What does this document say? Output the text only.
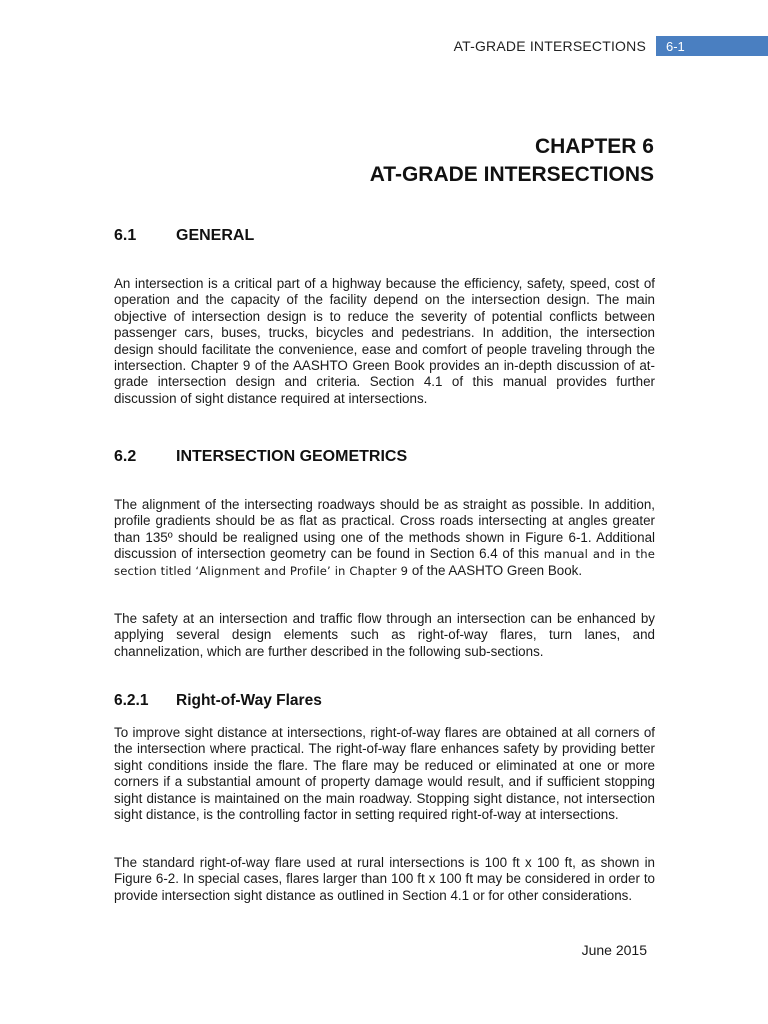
AT-GRADE INTERSECTIONS	6-1
CHAPTER 6
AT-GRADE INTERSECTIONS
6.1	GENERAL

An intersection is a critical part of a highway because the efficiency, safety, speed, cost of operation and the capacity of the facility depend on the intersection design. The main objective of intersection design is to reduce the severity of potential conflicts between passenger cars, buses, trucks, bicycles and pedestrians. In addition, the intersection design should facilitate the convenience, ease and comfort of people traveling through the intersection. Chapter 9 of the AASHTO Green Book provides an in-depth discussion of at-grade intersection design and criteria. Section 4.1 of this manual provides further discussion of sight distance required at intersections.

6.2	INTERSECTION GEOMETRICS

The alignment of the intersecting roadways should be as straight as possible. In addition, profile gradients should be as flat as practical. Cross roads intersecting at angles greater than 135º should be realigned using one of the methods shown in Figure 6-1. Additional discussion of intersection geometry can be found in Section 6.4 of this manual and in the section titled ‘Alignment and Profile’ in Chapter 9 of the AASHTO Green Book.

The safety at an intersection and traffic flow through an intersection can be enhanced by applying several design elements such as right-of-way flares, turn lanes, and channelization, which are further described in the following sub-sections.

6.2.1	Right-of-Way Flares

To improve sight distance at intersections, right-of-way flares are obtained at all corners of the intersection where practical. The right-of-way flare enhances safety by providing better sight conditions inside the flare. The flare may be reduced or eliminated at one or more corners if a substantial amount of property damage would result, and if sufficient stopping sight distance is maintained on the main roadway. Stopping sight distance, not intersection sight distance, is the controlling factor in setting required right-of-way at intersections.

The standard right-of-way flare used at rural intersections is 100 ft x 100 ft, as shown in Figure 6-2. In special cases, flares larger than 100 ft x 100 ft may be considered in order to provide intersection sight distance as outlined in Section 4.1 or for other considerations.

June 2015
